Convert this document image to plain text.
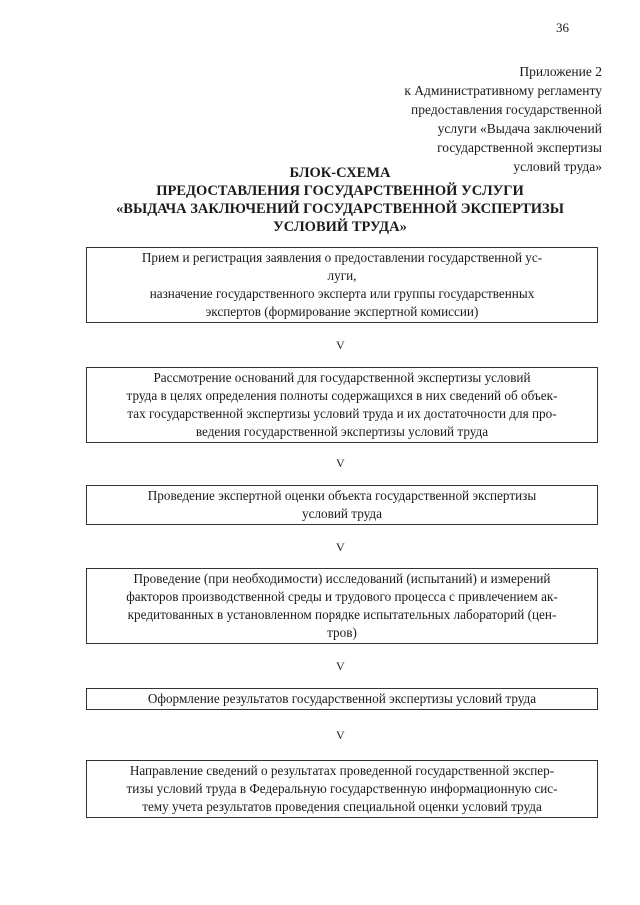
36
Приложение 2
к Административному регламенту
предоставления государственной
услуги «Выдача заключений
государственной экспертизы
условий труда»
БЛОК-СХЕМА
ПРЕДОСТАВЛЕНИЯ ГОСУДАРСТВЕННОЙ УСЛУГИ
«ВЫДАЧА ЗАКЛЮЧЕНИЙ ГОСУДАРСТВЕННОЙ ЭКСПЕРТИЗЫ
УСЛОВИЙ ТРУДА»
Прием и регистрация заявления о предоставлении государственной ус-
луги,
назначение государственного эксперта или группы государственных
экспертов (формирование экспертной комиссии)
V
Рассмотрение оснований для государственной экспертизы условий
труда в целях определения полноты содержащихся в них сведений об объек-
тах государственной экспертизы условий труда и их достаточности для про-
ведения государственной экспертизы условий труда
V
Проведение экспертной оценки объекта государственной экспертизы
условий труда
V
Проведение (при необходимости) исследований (испытаний) и измерений
факторов производственной среды и трудового процесса с привлечением ак-
кредитованных в установленном порядке испытательных лабораторий (цен-
тров)
V
Оформление результатов государственной экспертизы условий труда
V
Направление сведений о результатах проведенной государственной экспер-
тизы условий труда в Федеральную государственную информационную сис-
тему учета результатов проведения специальной оценки условий труда
